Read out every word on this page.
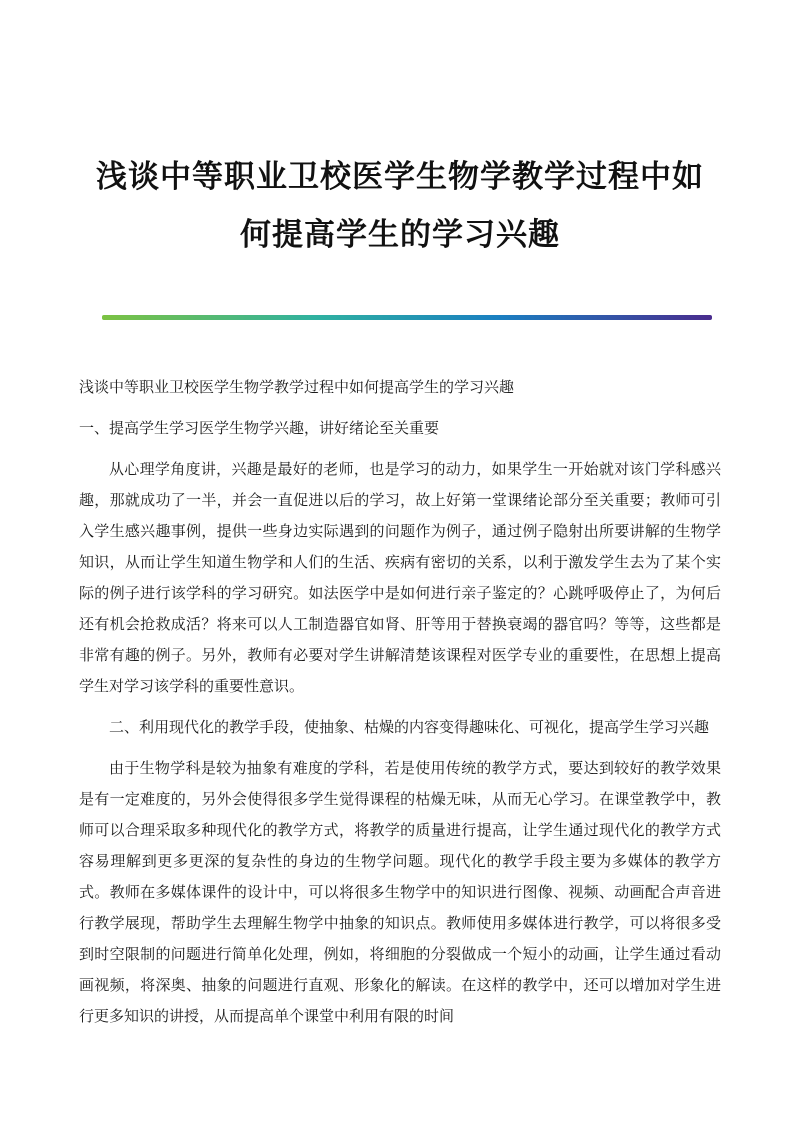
浅谈中等职业卫校医学生物学教学过程中如
何提高学生的学习兴趣

浅谈中等职业卫校医学生物学教学过程中如何提高学生的学习兴趣

一、提高学生学习医学生物学兴趣，讲好绪论至关重要

从心理学角度讲，兴趣是最好的老师，也是学习的动力，如果学生一开始就对该门学科感兴趣，那就成功了一半，并会一直促进以后的学习，故上好第一堂课绪论部分至关重要；教师可引入学生感兴趣事例，提供一些身边实际遇到的问题作为例子，通过例子隐射出所要讲解的生物学知识，从而让学生知道生物学和人们的生活、疾病有密切的关系，以利于激发学生去为了某个实际的例子进行该学科的学习研究。如法医学中是如何进行亲子鉴定的？心跳呼吸停止了，为何后还有机会抢救成活？将来可以人工制造器官如肾、肝等用于替换衰竭的器官吗？等等，这些都是非常有趣的例子。另外，教师有必要对学生讲解清楚该课程对医学专业的重要性，在思想上提高学生对学习该学科的重要性意识。

二、利用现代化的教学手段，使抽象、枯燥的内容变得趣味化、可视化，提高学生学习兴趣

由于生物学科是较为抽象有难度的学科，若是使用传统的教学方式，要达到较好的教学效果是有一定难度的，另外会使得很多学生觉得课程的枯燥无味，从而无心学习。在课堂教学中，教师可以合理采取多种现代化的教学方式，将教学的质量进行提高，让学生通过现代化的教学方式容易理解到更多更深的复杂性的身边的生物学问题。现代化的教学手段主要为多媒体的教学方式。教师在多媒体课件的设计中，可以将很多生物学中的知识进行图像、视频、动画配合声音进行教学展现，帮助学生去理解生物学中抽象的知识点。教师使用多媒体进行教学，可以将很多受到时空限制的问题进行简单化处理，例如，将细胞的分裂做成一个短小的动画，让学生通过看动画视频，将深奥、抽象的问题进行直观、形象化的解读。在这样的教学中，还可以增加对学生进行更多知识的讲授，从而提高单个课堂中利用有限的时间
